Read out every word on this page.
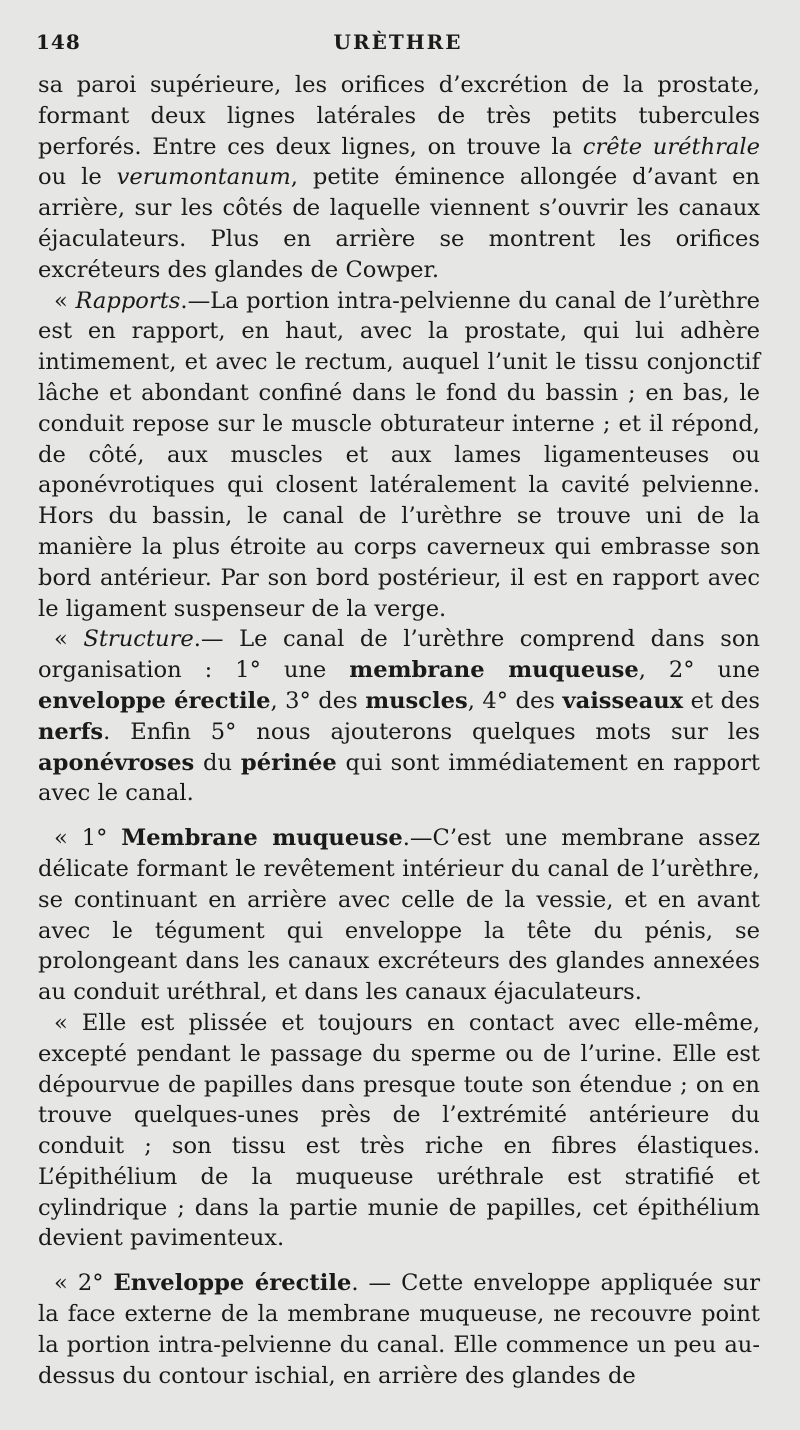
148	URÈTHRE

sa paroi supérieure, les orifices d’excrétion de la prostate, formant deux lignes latérales de très petits tubercules perforés. Entre ces deux lignes, on trouve la crête uréthrale ou le verumontanum, petite éminence allongée d’avant en arrière, sur les côtés de laquelle viennent s’ouvrir les canaux éjaculateurs. Plus en arrière se montrent les orifices excréteurs des glandes de Cowper.

« Rapports.—La portion intra-pelvienne du canal de l’urèthre est en rapport, en haut, avec la prostate, qui lui adhère intimement, et avec le rectum, auquel l’unit le tissu conjonctif lâche et abondant confiné dans le fond du bassin ; en bas, le conduit repose sur le muscle obturateur interne ; et il répond, de côté, aux muscles et aux lames ligamenteuses ou aponévrotiques qui closent latéralement la cavité pelvienne. Hors du bassin, le canal de l’urèthre se trouve uni de la manière la plus étroite au corps caverneux qui embrasse son bord antérieur. Par son bord postérieur, il est en rapport avec le ligament suspenseur de la verge.

« Structure.— Le canal de l’urèthre comprend dans son organisation : 1° une membrane muqueuse, 2° une enveloppe érectile, 3° des muscles, 4° des vaisseaux et des nerfs. Enfin 5° nous ajouterons quelques mots sur les aponévroses du périnée qui sont immédiatement en rapport avec le canal.

« 1° Membrane muqueuse.—C’est une membrane assez délicate formant le revêtement intérieur du canal de l’urèthre, se continuant en arrière avec celle de la vessie, et en avant avec le tégument qui enveloppe la tête du pénis, se prolongeant dans les canaux excréteurs des glandes annexées au conduit uréthral, et dans les canaux éjaculateurs.

« Elle est plissée et toujours en contact avec elle-même, excepté pendant le passage du sperme ou de l’urine. Elle est dépourvue de papilles dans presque toute son étendue ; on en trouve quelques-unes près de l’extrémité antérieure du conduit ; son tissu est très riche en fibres élastiques. L’épithélium de la muqueuse uréthrale est stratifié et cylindrique ; dans la partie munie de papilles, cet épithélium devient pavimenteux.

« 2° Enveloppe érectile. — Cette enveloppe appliquée sur la face externe de la membrane muqueuse, ne recouvre point la portion intra-pelvienne du canal. Elle commence un peu au-dessus du contour ischial, en arrière des glandes de
